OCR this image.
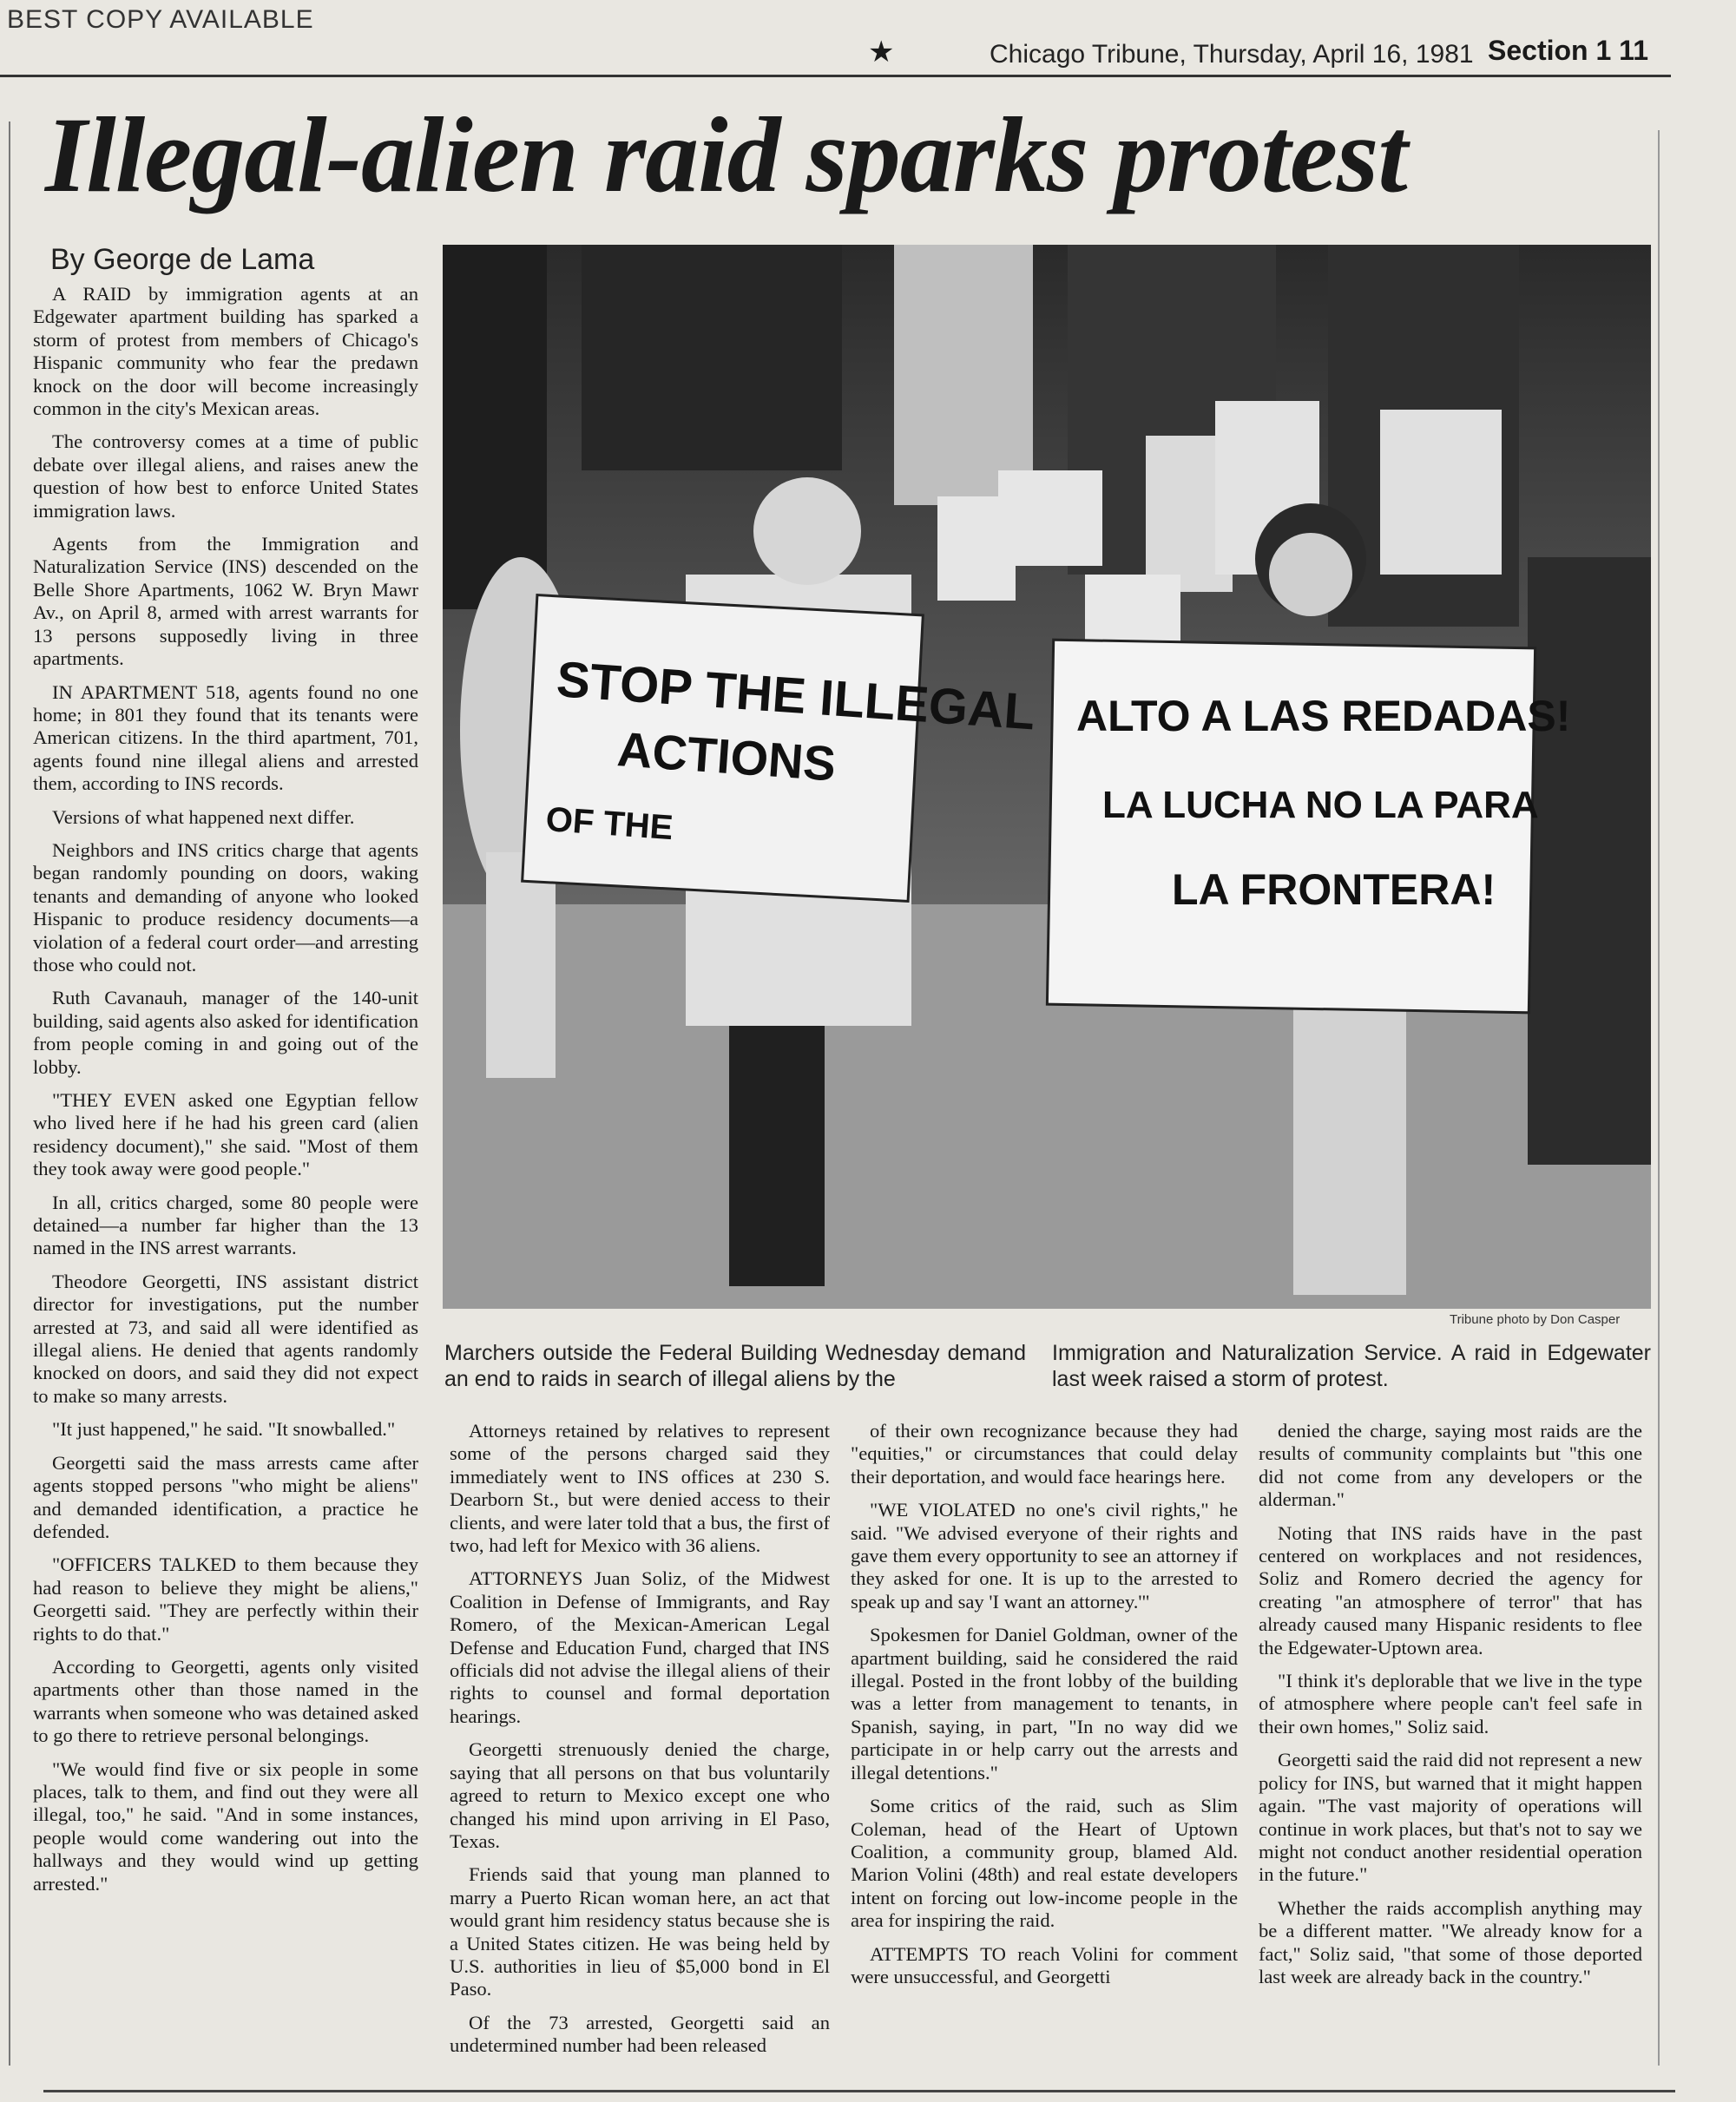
BEST COPY AVAILABLE
★	Chicago Tribune, Thursday, April 16, 1981 Section 1 11
Illegal-alien raid sparks protest
By George de Lama

A RAID by immigration agents at an Edgewater apartment building has sparked a storm of protest from members of Chicago's Hispanic community who fear the predawn knock on the door will become increasingly common in the city's Mexican areas.

The controversy comes at a time of public debate over illegal aliens, and raises anew the question of how best to enforce United States immigration laws.

Agents from the Immigration and Naturalization Service (INS) descended on the Belle Shore Apartments, 1062 W. Bryn Mawr Av., on April 8, armed with arrest warrants for 13 persons supposedly living in three apartments.

IN APARTMENT 518, agents found no one home; in 801 they found that its tenants were American citizens. In the third apartment, 701, agents found nine illegal aliens and arrested them, according to INS records.

Versions of what happened next differ.

Neighbors and INS critics charge that agents began randomly pounding on doors, waking tenants and demanding of anyone who looked Hispanic to produce residency documents—a violation of a federal court order—and arresting those who could not.

Ruth Cavanauh, manager of the 140-unit building, said agents also asked for identification from people coming in and going out of the lobby.

"THEY EVEN asked one Egyptian fellow who lived here if he had his green card (alien residency document)," she said. "Most of them they took away were good people."

In all, critics charged, some 80 people were detained—a number far higher than the 13 named in the INS arrest warrants.

Theodore Georgetti, INS assistant district director for investigations, put the number arrested at 73, and said all were identified as illegal aliens. He denied that agents randomly knocked on doors, and said they did not expect to make so many arrests.

"It just happened," he said. "It snowballed."

Georgetti said the mass arrests came after agents stopped persons "who might be aliens" and demanded identification, a practice he defended.

"OFFICERS TALKED to them because they had reason to believe they might be aliens," Georgetti said. "They are perfectly within their rights to do that."

According to Georgetti, agents only visited apartments other than those named in the warrants when someone who was detained asked to go there to retrieve personal belongings.

"We would find five or six people in some places, talk to them, and find out they were all illegal, too," he said. "And in some instances, people would come wandering out into the hallways and they would wind up getting arrested."

STOP THE ILLEGAL
ACTIONS
OF THE
ALTO A LAS REDADAS!
LA LUCHA NO LA PARA
LA FRONTERA!
Tribune photo by Don Casper
Marchers outside the Federal Building Wednesday demand an end to raids in search of illegal aliens by the
Immigration and Naturalization Service. A raid in Edgewater last week raised a storm of protest.

Attorneys retained by relatives to represent some of the persons charged said they immediately went to INS offices at 230 S. Dearborn St., but were denied access to their clients, and were later told that a bus, the first of two, had left for Mexico with 36 aliens.

ATTORNEYS Juan Soliz, of the Midwest Coalition in Defense of Immigrants, and Ray Romero, of the Mexican-American Legal Defense and Education Fund, charged that INS officials did not advise the illegal aliens of their rights to counsel and formal deportation hearings.

Georgetti strenuously denied the charge, saying that all persons on that bus voluntarily agreed to return to Mexico except one who changed his mind upon arriving in El Paso, Texas.

Friends said that young man planned to marry a Puerto Rican woman here, an act that would grant him residency status because she is a United States citizen. He was being held by U.S. authorities in lieu of $5,000 bond in El Paso.

Of the 73 arrested, Georgetti said an undetermined number had been released

of their own recognizance because they had "equities," or circumstances that could delay their deportation, and would face hearings here.

"WE VIOLATED no one's civil rights," he said. "We advised everyone of their rights and gave them every opportunity to see an attorney if they asked for one. It is up to the arrested to speak up and say 'I want an attorney.'"

Spokesmen for Daniel Goldman, owner of the apartment building, said he considered the raid illegal. Posted in the front lobby of the building was a letter from management to tenants, in Spanish, saying, in part, "In no way did we participate in or help carry out the arrests and illegal detentions."

Some critics of the raid, such as Slim Coleman, head of the Heart of Uptown Coalition, a community group, blamed Ald. Marion Volini (48th) and real estate developers intent on forcing out low-income people in the area for inspiring the raid.

ATTEMPTS TO reach Volini for comment were unsuccessful, and Georgetti

denied the charge, saying most raids are the results of community complaints but "this one did not come from any developers or the alderman."

Noting that INS raids have in the past centered on workplaces and not residences, Soliz and Romero decried the agency for creating "an atmosphere of terror" that has already caused many Hispanic residents to flee the Edgewater-Uptown area.

"I think it's deplorable that we live in the type of atmosphere where people can't feel safe in their own homes," Soliz said.

Georgetti said the raid did not represent a new policy for INS, but warned that it might happen again. "The vast majority of operations will continue in work places, but that's not to say we might not conduct another residential operation in the future."

Whether the raids accomplish anything may be a different matter. "We already know for a fact," Soliz said, "that some of those deported last week are already back in the country."
